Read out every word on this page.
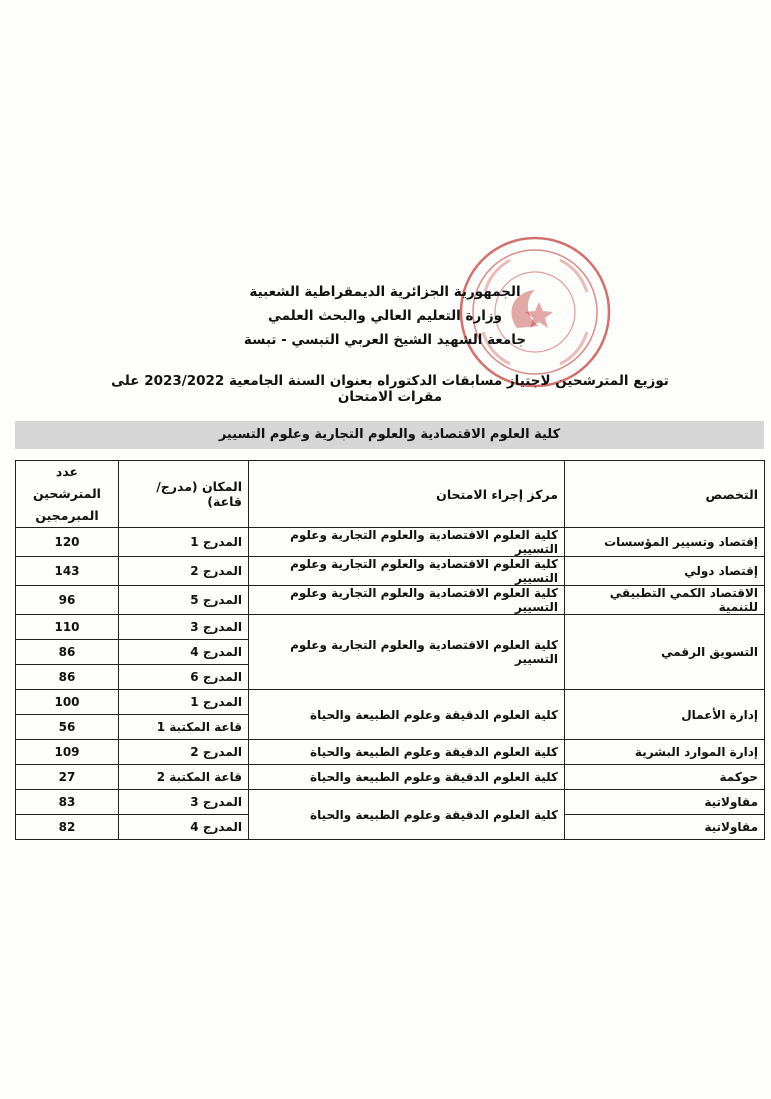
الجمهورية الجزائرية الديمقراطية الشعبية
وزارة التعليم العالي والبحث العلمي
جامعة الشهيد الشيخ العربي التبسي - تبسة
توزيع المترشحين لاجتياز مسابقات الدكتوراه بعنوان السنة الجامعية 2023/2022 على مقرات الامتحان
كلية العلوم الاقتصادية والعلوم التجارية وعلوم التسيير
التخصص	مركز إجراء الامتحان	المكان (مدرج/ قاعة)	عدد المترشحين
المبرمجين

إقتصاد وتسيير المؤسسات	كلية العلوم الاقتصادية والعلوم التجارية وعلوم التسيير	المدرج 1	120
إقتصاد دولي	كلية العلوم الاقتصادية والعلوم التجارية وعلوم التسيير	المدرج 2	143
الاقتصاد الكمي التطبيقي للتنمية	كلية العلوم الاقتصادية والعلوم التجارية وعلوم التسيير	المدرج 5	96
التسويق الرقمي	كلية العلوم الاقتصادية والعلوم التجارية وعلوم التسيير	المدرج 3	110
		المدرج 4	86
		المدرج 6	86
إدارة الأعمال	كلية العلوم الدقيقة وعلوم الطبيعة والحياة	المدرج 1	100
		قاعة المكتبة 1	56
إدارة الموارد البشرية	كلية العلوم الدقيقة وعلوم الطبيعة والحياة	المدرج 2	109
حوكمة	كلية العلوم الدقيقة وعلوم الطبيعة والحياة	قاعة المكتبة 2	27
مقاولاتية	كلية العلوم الدقيقة وعلوم الطبيعة والحياة	المدرج 3	83
مقاولاتية		المدرج 4	82
